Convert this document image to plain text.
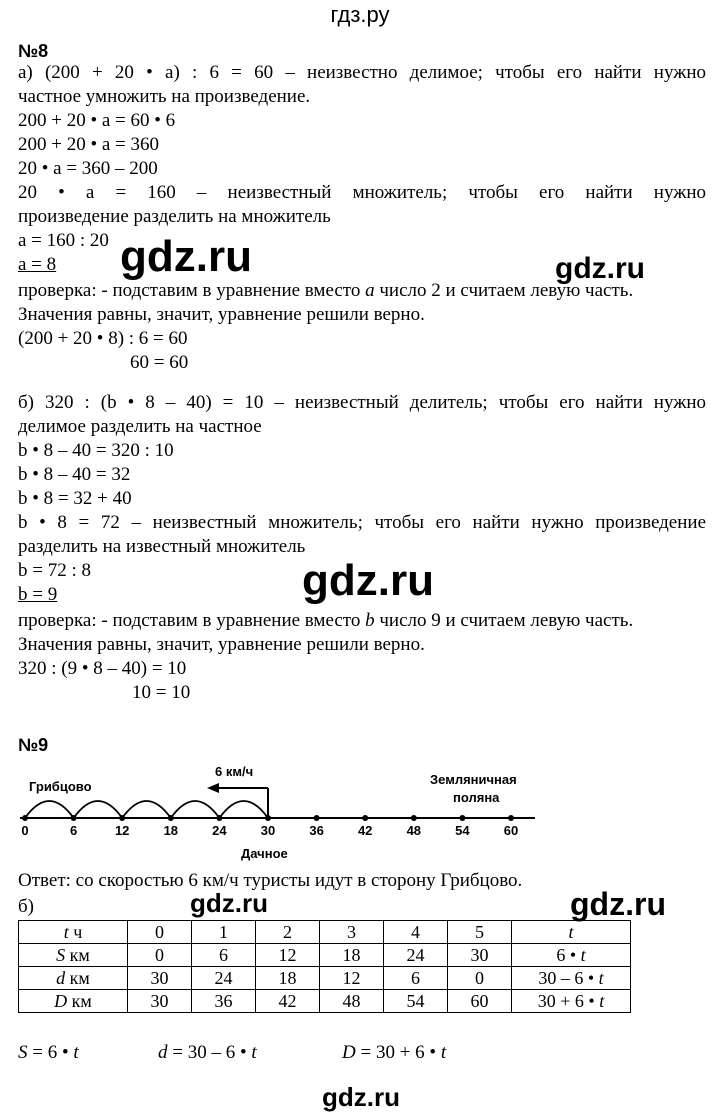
гдз.ру
№8
а) (200 + 20 • а) : 6 = 60 – неизвестно делимое; чтобы его найти нужно
частное умножить на произведение.
200 + 20 • а = 60 • 6
200 + 20 • а = 360
20 • а = 360 – 200
20 • а = 160 – неизвестный множитель; чтобы его найти нужно
произведение разделить на множитель
а = 160 : 20
а = 8
проверка: - подставим в уравнение вместо а число 2 и считаем левую часть.
Значения равны, значит, уравнение решили верно.
(200 + 20 • 8) : 6 = 60
60 = 60
б) 320 : (b • 8 – 40) = 10 – неизвестный делитель; чтобы его найти нужно
делимое разделить на частное
b • 8 – 40 = 320 : 10
b • 8 – 40 = 32
b • 8 = 32 + 40
b • 8 = 72 – неизвестный множитель; чтобы его найти нужно произведение
разделить на известный множитель
b = 72 : 8
b = 9
проверка: - подставим в уравнение вместо b число 9 и считаем левую часть.
Значения равны, значит, уравнение решили верно.
320 : (9 • 8 – 40) = 10
10 = 10
№9
0	6	12	18	24	30	36	42	48	54	60
6 км/ч
Грибцово	Земляничная
поляна
Дачное
Ответ: со скоростью 6 км/ч туристы идут в сторону Грибцово.
б)
t ч	0	1	2	3	4	5	t
S км	0	6	12	18	24	30	6 • t
d км	30	24	18	12	6	0	30 – 6 • t
D км	30	36	42	48	54	60	30 + 6 • t
S = 6 • t	d = 30 – 6 • t	D = 30 + 6 • t
gdz.ru	gdz.ru
gdz.ru
gdz.ru	gdz.ru
gdz.ru
